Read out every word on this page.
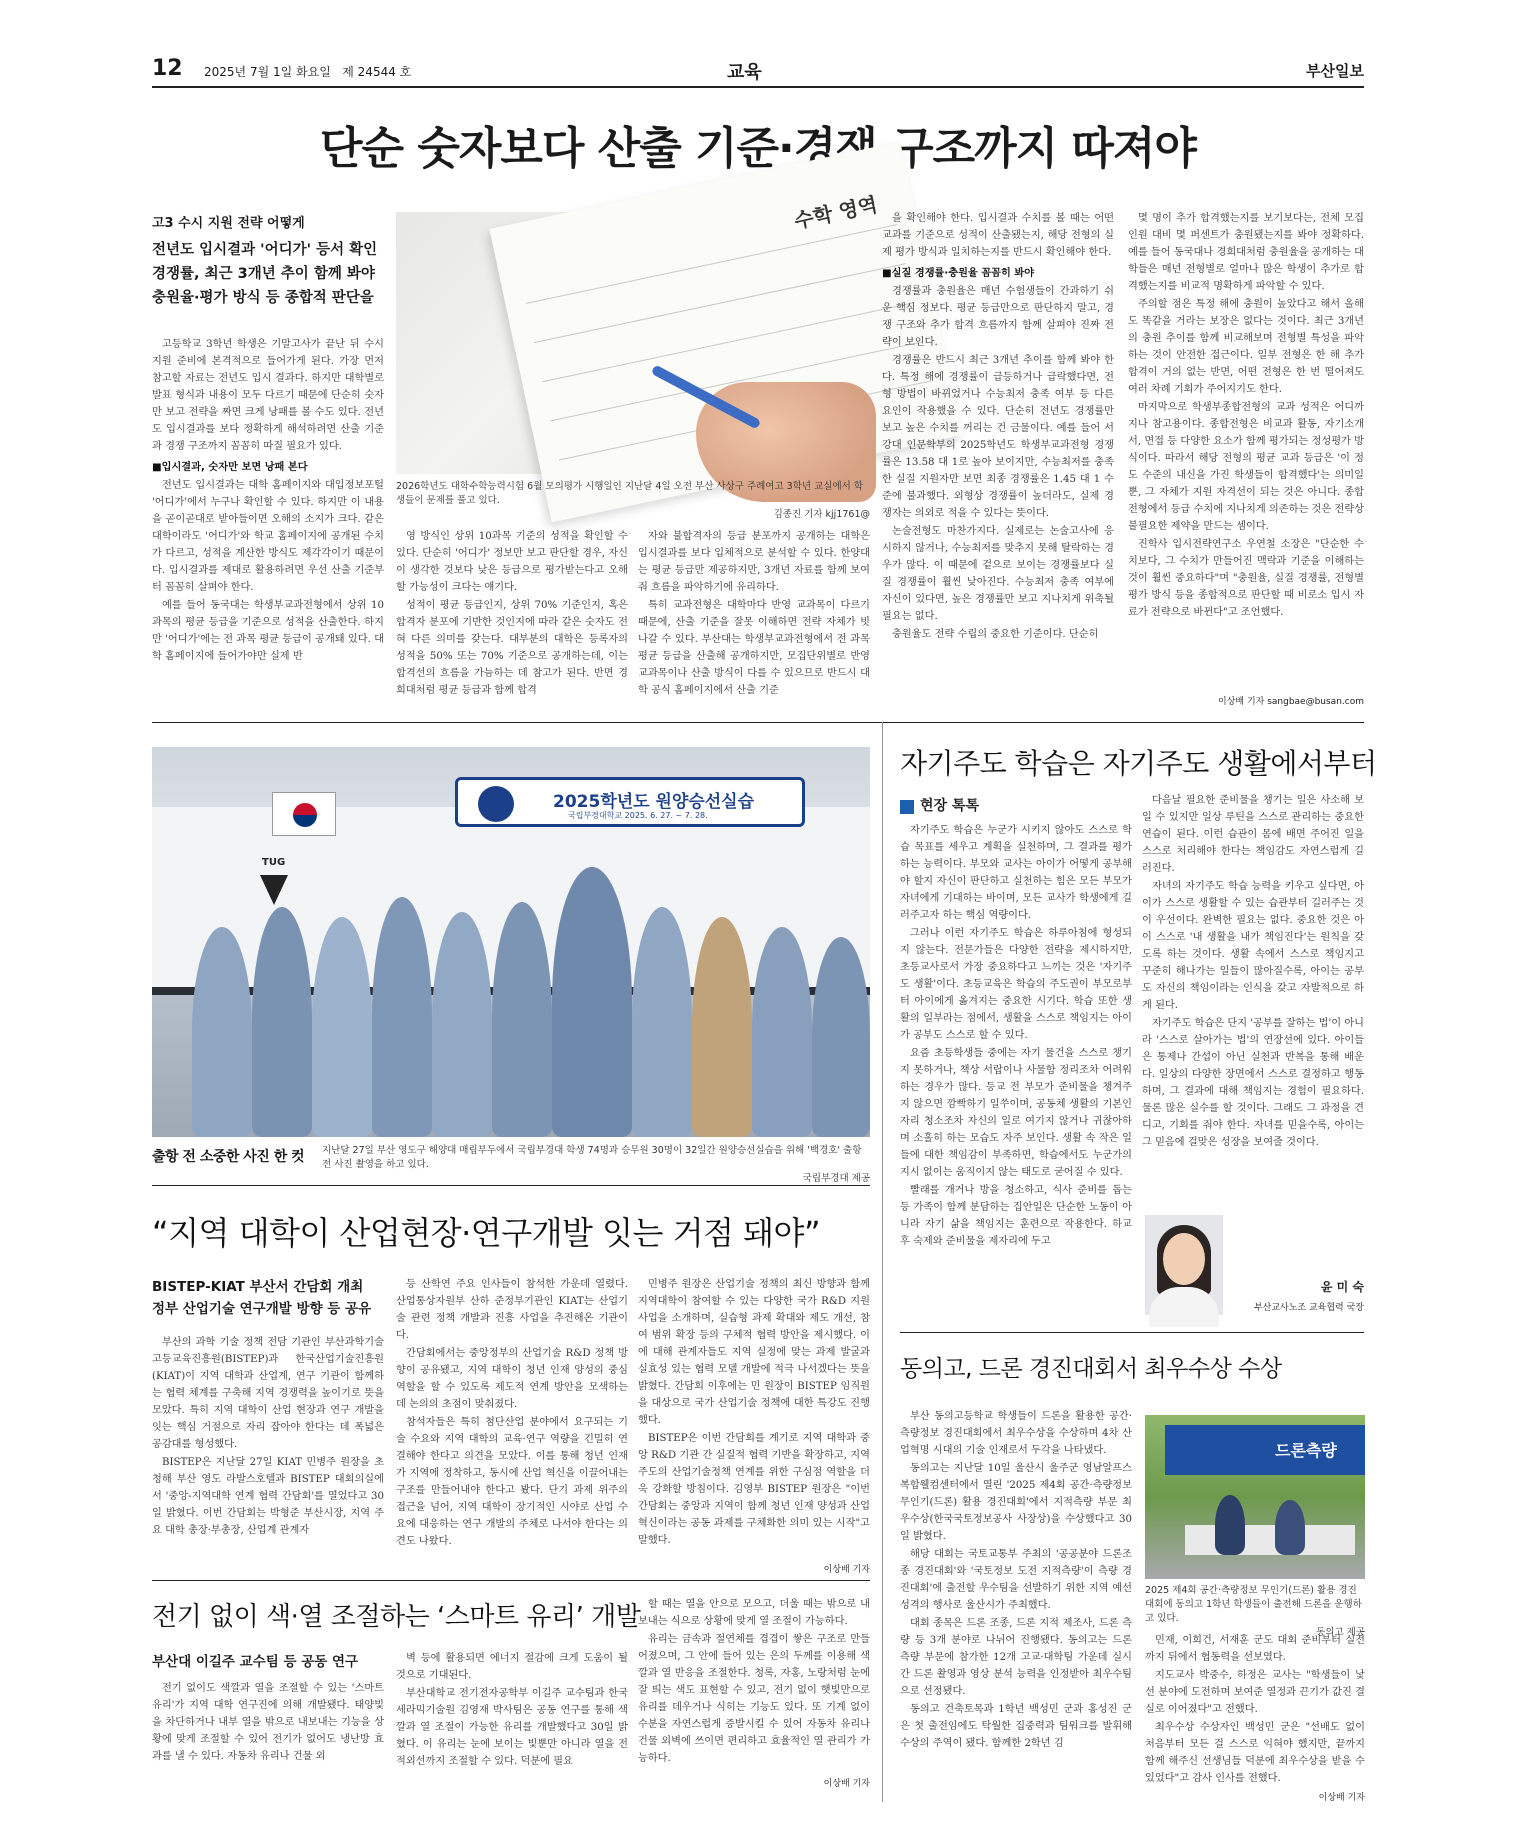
12 2025년 7월 1일 화요일 제 24544 호	교육	부산일보
단순 숫자보다 산출 기준·경쟁 구조까지 따져야
고3 수시 지원 전략 어떻게
전년도 입시결과 '어디가' 등서 확인
경쟁률, 최근 3개년 추이 함께 봐야
충원율·평가 방식 등 종합적 판단을

고등학교 3학년 학생은 기말고사가 끝난 뒤 수시 지원 준비에 본격적으로 들어가게 된다. 가장 먼저 참고할 자료는 전년도 입시 결과다. 하지만 대학별로 발표 형식과 내용이 모두 다르기 때문에 단순히 숫자만 보고 전략을 짜면 크게 낭패를 볼 수도 있다. 전년도 입시결과를 보다 정확하게 해석하려면 산출 기준과 경쟁 구조까지 꼼꼼히 따질 필요가 있다.

■입시결과, 숫자만 보면 낭패 본다

전년도 입시결과는 대학 홈페이지와 대입정보포털 '어디가'에서 누구나 확인할 수 있다. 하지만 이 내용을 곧이곧대로 받아들이면 오해의 소지가 크다. 같은 대학이라도 '어디가'와 학교 홈페이지에 공개된 수치가 다르고, 성적을 계산한 방식도 제각각이기 때문이다. 입시결과를 제대로 활용하려면 우선 산출 기준부터 꼼꼼히 살펴야 한다.

예를 들어 동국대는 학생부교과전형에서 상위 10과목의 평균 등급을 기준으로 성적을 산출한다. 하지만 '어디가'에는 전 과목 평균 등급이 공개돼 있다. 대학 홈페이지에 들어가야만 실제 반

수학 영역
2026학년도 대학수학능력시험 6월 모의평가 시행일인 지난달 4일 오전 부산 사상구 주례여고 3학년 교실에서 학생들이 문제를 풀고 있다.
김종진 기자 kjj1761@

영 방식인 상위 10과목 기준의 성적을 확인할 수 있다. 단순히 '어디가' 정보만 보고 판단할 경우, 자신이 생각한 것보다 낮은 등급으로 평가받는다고 오해할 가능성이 크다는 얘기다.

성적이 평균 등급인지, 상위 70% 기준인지, 혹은 합격자 분포에 기반한 것인지에 따라 같은 숫자도 전혀 다른 의미를 갖는다. 대부분의 대학은 등록자의 성적을 50% 또는 70% 기준으로 공개하는데, 이는 합격선의 흐름을 가늠하는 데 참고가 된다. 반면 경희대처럼 평균 등급과 함께 합격

자와 불합격자의 등급 분포까지 공개하는 대학은 입시결과를 보다 입체적으로 분석할 수 있다. 한양대는 평균 등급만 제공하지만, 3개년 자료를 함께 보여줘 흐름을 파악하기에 유리하다.

특히 교과전형은 대학마다 반영 교과목이 다르기 때문에, 산출 기준을 잘못 이해하면 전략 자체가 빗나갈 수 있다. 부산대는 학생부교과전형에서 전 과목 평균 등급을 산출해 공개하지만, 모집단위별로 반영 교과목이나 산출 방식이 다를 수 있으므로 반드시 대학 공식 홈페이지에서 산출 기준

을 확인해야 한다. 입시결과 수치를 볼 때는 어떤 교과를 기준으로 성적이 산출됐는지, 해당 전형의 실제 평가 방식과 일치하는지를 반드시 확인해야 한다.

■실질 경쟁률·충원율 꼼꼼히 봐야

경쟁률과 충원율은 매년 수험생들이 간과하기 쉬운 핵심 정보다. 평균 등급만으로 판단하지 말고, 경쟁 구조와 추가 합격 흐름까지 함께 살펴야 진짜 전략이 보인다.

경쟁률은 반드시 최근 3개년 추이를 함께 봐야 한다. 특정 해에 경쟁률이 급등하거나 급락했다면, 전형 방법이 바뀌었거나 수능최저 충족 여부 등 다른 요인이 작용했을 수 있다. 단순히 전년도 경쟁률만 보고 높은 수치를 꺼리는 건 금물이다. 예를 들어 서강대 인문학부의 2025학년도 학생부교과전형 경쟁률은 13.58 대 1로 높아 보이지만, 수능최저를 충족한 실질 지원자만 보면 최종 경쟁률은 1.45 대 1 수준에 불과했다. 외형상 경쟁률이 높더라도, 실제 경쟁자는 의외로 적을 수 있다는 뜻이다.

논술전형도 마찬가지다. 실제로는 논술고사에 응시하지 않거나, 수능최저를 맞추지 못해 탈락하는 경우가 많다. 이 때문에 겉으로 보이는 경쟁률보다 실질 경쟁률이 훨씬 낮아진다. 수능최저 충족 여부에 자신이 있다면, 높은 경쟁률만 보고 지나치게 위축될 필요는 없다.

충원율도 전략 수립의 중요한 기준이다. 단순히

몇 명이 추가 합격했는지를 보기보다는, 전체 모집 인원 대비 몇 퍼센트가 충원됐는지를 봐야 정확하다. 예를 들어 동국대나 경희대처럼 충원율을 공개하는 대학들은 매년 전형별로 얼마나 많은 학생이 추가로 합격했는지를 비교적 명확하게 파악할 수 있다.

주의할 점은 특정 해에 충원이 높았다고 해서 올해도 똑같을 거라는 보장은 없다는 것이다. 최근 3개년의 충원 추이를 함께 비교해보며 전형별 특성을 파악하는 것이 안전한 접근이다. 일부 전형은 한 해 추가 합격이 거의 없는 반면, 어떤 전형은 한 번 떨어져도 여러 차례 기회가 주어지기도 한다.

마지막으로 학생부종합전형의 교과 성적은 어디까지나 참고용이다. 종합전형은 비교과 활동, 자기소개서, 면접 등 다양한 요소가 함께 평가되는 정성평가 방식이다. 따라서 해당 전형의 평균 교과 등급은 '이 정도 수준의 내신을 가진 학생들이 합격했다'는 의미일 뿐, 그 자체가 지원 자격선이 되는 것은 아니다. 종합전형에서 등급 수치에 지나치게 의존하는 것은 전략상 불필요한 제약을 만드는 셈이다.

진학사 입시전략연구소 우연철 소장은 "단순한 수치보다, 그 수치가 만들어진 맥락과 기준을 이해하는 것이 훨씬 중요하다"며 "충원율, 실질 경쟁률, 전형별 평가 방식 등을 종합적으로 판단할 때 비로소 입시 자료가 전략으로 바뀐다"고 조언했다.

이상배 기자 sangbae@busan.com
2025학년도 원양승선실습
국립부경대학교 2025. 6. 27. ~ 7. 28.
TUG
출항 전 소중한 사진 한 컷 지난달 27일 부산 영도구 해양대 매립부두에서 국립부경대 학생 74명과 승무원 30명이 32일간 원양승선실습을 위해 '백경호' 출항 전 사진 촬영을 하고 있다.
국립부경대 제공
“지역 대학이 산업현장·연구개발 잇는 거점 돼야”
BISTEP-KIAT 부산서 간담회 개최
정부 산업기술 연구개발 방향 등 공유

부산의 과학 기술 정책 전담 기관인 부산과학기술고등교육진흥원(BISTEP)과 한국산업기술진흥원(KIAT)이 지역 대학과 산업계, 연구 기관이 함께하는 협력 체계를 구축해 지역 경쟁력을 높이기로 뜻을 모았다. 특히 지역 대학이 산업 현장과 연구 개발을 잇는 핵심 거점으로 자리 잡아야 한다는 데 폭넓은 공감대를 형성했다.

BISTEP은 지난달 27일 KIAT 민병주 원장을 초청해 부산 영도 라발스호텔과 BISTEP 대회의실에서 '중앙-지역대학 연계 협력 간담회'를 열었다고 30일 밝혔다. 이번 간담회는 박형준 부산시장, 지역 주요 대학 총장·부총장, 산업계 관계자

등 산학연 주요 인사들이 참석한 가운데 열렸다. 산업통상자원부 산하 준정부기관인 KIAT는 산업기술 관련 정책 개발과 진흥 사업을 추진해온 기관이다.

간담회에서는 중앙정부의 산업기술 R&D 정책 방향이 공유됐고, 지역 대학이 청년 인재 양성의 중심 역할을 할 수 있도록 제도적 연계 방안을 모색하는 데 논의의 초점이 맞춰졌다.

참석자들은 특히 첨단산업 분야에서 요구되는 기술 수요와 지역 대학의 교육·연구 역량을 긴밀히 연결해야 한다고 의견을 모았다. 이를 통해 청년 인재가 지역에 정착하고, 동시에 산업 혁신을 이끌어내는 구조를 만들어내야 한다고 봤다. 단기 과제 위주의 접근을 넘어, 지역 대학이 장기적인 시야로 산업 수요에 대응하는 연구 개발의 주체로 나서야 한다는 의견도 나왔다.

민병주 원장은 산업기술 정책의 최신 방향과 함께 지역대학이 참여할 수 있는 다양한 국가 R&D 지원사업을 소개하며, 실습형 과제 확대와 제도 개선, 참여 범위 확장 등의 구체적 협력 방안을 제시했다. 이에 대해 관계자들도 지역 실정에 맞는 과제 발굴과 실효성 있는 협력 모델 개발에 적극 나서겠다는 뜻을 밝혔다. 간담회 이후에는 민 원장이 BISTEP 임직원을 대상으로 국가 산업기술 정책에 대한 특강도 진행했다.

BISTEP은 이번 간담회를 계기로 지역 대학과 중앙 R&D 기관 간 실질적 협력 기반을 확장하고, 지역 주도의 산업기술정책 연계를 위한 구심점 역할을 더욱 강화할 방침이다. 김영부 BISTEP 원장은 "이번 간담회는 중앙과 지역이 함께 청년 인재 양성과 산업 혁신이라는 공동 과제를 구체화한 의미 있는 시작"고 말했다.

이상배 기자
전기 없이 색·열 조절하는 ‘스마트 유리’ 개발
부산대 이길주 교수팀 등 공동 연구

전기 없이도 색깔과 열을 조절할 수 있는 '스마트 유리'가 지역 대학 연구진에 의해 개발됐다. 태양빛을 차단하거나 내부 열을 밖으로 내보내는 기능을 상황에 맞게 조절할 수 있어 전기가 없어도 냉난방 효과를 낼 수 있다. 자동차 유리나 건물 외

벽 등에 활용되면 에너지 절감에 크게 도움이 될 것으로 기대된다.

부산대학교 전기전자공학부 이길주 교수팀과 한국세라믹기술원 김영재 박사팀은 공동 연구를 통해 색깔과 열 조절이 가능한 유리를 개발했다고 30일 밝혔다. 이 유리는 눈에 보이는 빛뿐만 아니라 열을 전 적외선까지 조절할 수 있다. 덕분에 필요

할 때는 열을 안으로 모으고, 더울 때는 밖으로 내보내는 식으로 상황에 맞게 열 조절이 가능하다.

유리는 금속과 절연체를 겹겹이 쌓은 구조로 만들어졌으며, 그 안에 들어 있는 은의 두께를 이용해 색깔과 열 반응을 조절한다. 청록, 자홍, 노랑처럼 눈에 잘 띄는 색도 표현할 수 있고, 전기 없이 햇빛만으로 유리를 데우거나 식히는 기능도 있다. 또 기계 없이 수분을 자연스럽게 증발시킬 수 있어 자동차 유리나 건물 외벽에 쓰이면 편리하고 효율적인 열 관리가 가능하다.

이상배 기자
자기주도 학습은 자기주도 생활에서부터
현장 톡톡

자기주도 학습은 누군가 시키지 않아도 스스로 학습 목표를 세우고 계획을 실천하며, 그 결과를 평가하는 능력이다. 부모와 교사는 아이가 어떻게 공부해야 할지 자신이 판단하고 실천하는 힘은 모든 부모가 자녀에게 기대하는 바이며, 모든 교사가 학생에게 길러주고자 하는 핵심 역량이다.

그러나 이런 자기주도 학습은 하루아침에 형성되지 않는다. 전문가들은 다양한 전략을 제시하지만, 초등교사로서 가장 중요하다고 느끼는 것은 '자기주도 생활'이다. 초등교육은 학습의 주도권이 부모로부터 아이에게 옮겨지는 중요한 시기다. 학습 또한 생활의 일부라는 점에서, 생활을 스스로 책임지는 아이가 공부도 스스로 할 수 있다.

요즘 초등학생들 중에는 자기 물건을 스스로 챙기지 못하거나, 책상 서랍이나 사물함 정리조차 어려워하는 경우가 많다. 등교 전 부모가 준비물을 챙겨주지 않으면 깜빡하기 일쑤이며, 공동체 생활의 기본인 자리 청소조차 자신의 일로 여기지 않거나 귀찮아하며 소홀히 하는 모습도 자주 보인다. 생활 속 작은 일들에 대한 책임감이 부족하면, 학습에서도 누군가의 지시 없이는 움직이지 않는 태도로 굳어질 수 있다.

빨래를 개거나 방을 청소하고, 식사 준비를 돕는 등 가족이 함께 분담하는 집안일은 단순한 노동이 아니라 자기 삶을 책임지는 훈련으로 작용한다. 하교 후 숙제와 준비물을 제자리에 두고

다음날 필요한 준비물을 챙기는 일은 사소해 보일 수 있지만 일상 루틴을 스스로 관리하는 중요한 연습이 된다. 이런 습관이 몸에 배면 주어진 일을 스스로 처리해야 한다는 책임감도 자연스럽게 길러진다.

자녀의 자기주도 학습 능력을 키우고 싶다면, 아이가 스스로 생활할 수 있는 습관부터 길러주는 것이 우선이다. 완벽한 필요는 없다. 중요한 것은 아이 스스로 '내 생활을 내가 책임진다'는 원칙을 갖도록 하는 것이다. 생활 속에서 스스로 책임지고 꾸준히 해나가는 일들이 많아질수록, 아이는 공부도 자신의 책임이라는 인식을 갖고 자발적으로 하게 된다.

자기주도 학습은 단지 '공부를 잘하는 법'이 아니라 '스스로 살아가는 법'의 연장선에 있다. 아이들은 통제나 간섭이 아닌 실천과 반복을 통해 배운다. 일상의 다양한 장면에서 스스로 결정하고 행동하며, 그 결과에 대해 책임지는 경험이 필요하다. 물론 많은 실수를 할 것이다. 그래도 그 과정을 견디고, 기회를 줘야 한다. 자녀를 믿을수록, 아이는 그 믿음에 걸맞은 성장을 보여줄 것이다.

윤 미 숙
부산교사노조 교육협력 국장
동의고, 드론 경진대회서 최우수상 수상

부산 동의고등학교 학생들이 드론을 활용한 공간·측량정보 경진대회에서 최우수상을 수상하며 4차 산업혁명 시대의 기술 인재로서 두각을 나타냈다.

동의고는 지난달 10일 울산시 울주군 영남알프스복합웰컴센터에서 열린 '2025 제4회 공간·측량정보 무인기(드론) 활용 경진대회'에서 지적측량 부문 최우수상(한국국토정보공사 사장상)을 수상했다고 30일 밝혔다.

해당 대회는 국토교통부 주최의 '공공분야 드론조종 경진대회'와 '국토정보 도전 지적측량'이 측량 경진대회'에 출전할 우수팀을 선발하기 위한 지역 예선 성격의 행사로 울산시가 주최했다.

대회 종목은 드론 조종, 드론 지적 제조사, 드론 측량 등 3개 분야로 나뉘어 진행됐다. 동의고는 드론 측량 부문에 참가한 12개 고교·대학팀 가운데 실시간 드론 촬영과 영상 분석 능력을 인정받아 최우수팀으로 선정됐다.

동의고 건축토목과 1학년 백성민 군과 홍성진 군은 첫 출전임에도 탁월한 집중력과 팀워크를 발휘해 수상의 주역이 됐다. 함께한 2학년 김

드론측량
2025 제4회 공간·측량정보 무인기(드론) 활용 경진대회에 동의고 1학년 학생들이 출전해 드론을 운행하고 있다.
동의고 제공

민재, 이희건, 서재훈 군도 대회 준비부터 실전까지 뒤에서 협동력을 선보였다.

지도교사 박중수, 하정은 교사는 "학생들이 낯선 분야에 도전하며 보여준 열정과 끈기가 값진 결실로 이어졌다"고 전했다.

최우수상 수상자인 백성민 군은 "선배도 없이 처음부터 모든 걸 스스로 익혀야 했지만, 끝까지 함께 해주신 선생님들 덕분에 최우수상을 받을 수 있었다"고 감사 인사를 전했다.

이상배 기자
